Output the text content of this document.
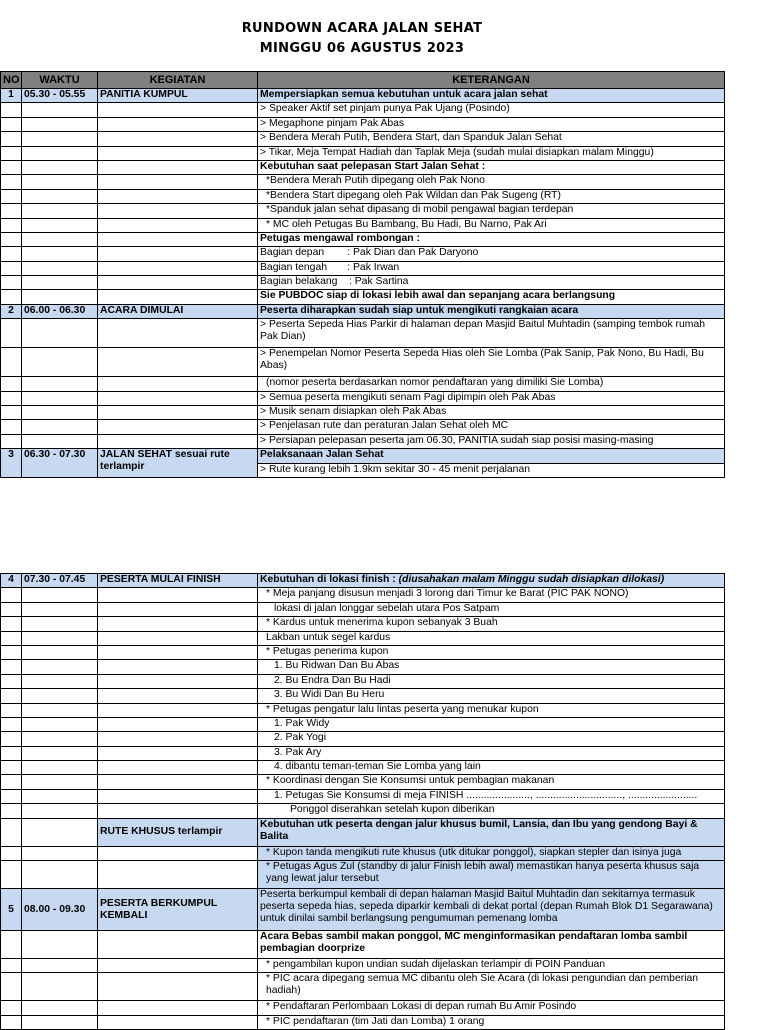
RUNDOWN ACARA JALAN SEHAT
MINGGU 06 AGUSTUS 2023
NO	WAKTU	KEGIATAN	KETERANGAN
1	05.30 - 05.55	PANITIA KUMPUL	Mempersiapkan semua kebutuhan untuk acara jalan sehat
			> Speaker Aktif set pinjam punya Pak Ujang (Posindo)
			> Megaphone pinjam Pak Abas
			> Bendera Merah Putih, Bendera Start, dan Spanduk Jalan Sehat
			> Tikar, Meja Tempat Hadiah dan Taplak Meja (sudah mulai disiapkan malam Minggu)
			Kebutuhan saat pelepasan Start Jalan Sehat :
			*Bendera Merah Putih dipegang oleh Pak Nono
			*Bendera Start dipegang oleh Pak Wildan dan Pak Sugeng (RT)
			*Spanduk jalan sehat dipasang di mobil pengawal bagian terdepan
			* MC oleh Petugas Bu Bambang, Bu Hadi, Bu Narno, Pak Ari
			Petugas mengawal rombongan :
			Bagian depan        : Pak Dian dan Pak Daryono
			Bagian tengah       : Pak Irwan
			Bagian belakang    : Pak Sartina
			Sie PUBDOC siap di lokasi lebih awal dan sepanjang acara berlangsung
2	06.00 - 06.30	ACARA DIMULAI	Peserta diharapkan sudah siap untuk mengikuti rangkaian acara
			> Peserta Sepeda Hias Parkir di halaman depan Masjid Baitul Muhtadin (samping tembok rumah Pak Dian)
			> Penempelan Nomor Peserta Sepeda Hias oleh Sie Lomba (Pak Sanip, Pak Nono, Bu Hadi, Bu Abas)
			(nomor peserta berdasarkan nomor pendaftaran yang dimiliki Sie Lomba)
			> Semua peserta mengikuti senam Pagi dipimpin oleh Pak Abas
			> Musik senam disiapkan oleh Pak Abas
			> Penjelasan rute dan peraturan Jalan Sehat oleh MC
			> Persiapan pelepasan peserta jam 06.30, PANITIA sudah siap posisi masing-masing
3	06.30 - 07.30	JALAN SEHAT sesuai rute terlampir	Pelaksanaan Jalan Sehat
			> Rute kurang lebih 1.9km sekitar 30 - 45 menit perjalanan
4	07.30 - 07.45	PESERTA MULAI FINISH	Kebutuhan di lokasi finish : (diusahakan malam Minggu sudah disiapkan dilokasi)
			* Meja panjang disusun menjadi 3 lorong dari Timur ke Barat (PIC PAK NONO)
			lokasi di jalan longgar sebelah utara Pos Satpam
			* Kardus untuk menerima kupon sebanyak 3 Buah
			Lakban untuk segel kardus
			* Petugas penerima kupon
			1. Bu Ridwan Dan Bu Abas
			2. Bu Endra Dan Bu Hadi
			3. Bu Widi Dan Bu Heru
			* Petugas pengatur lalu lintas peserta yang menukar kupon
			1. Pak Widy
			2. Pak Yogi
			3. Pak Ary
			4. dibantu teman-teman Sie Lomba yang lain
			* Koordinasi dengan Sie Konsumsi untuk pembagian makanan
			1. Petugas Sie Konsumsi di meja FINISH ......................, .............................., ........................
			Ponggol diserahkan setelah kupon diberikan
		RUTE KHUSUS terlampir	Kebutuhan utk peserta dengan jalur khusus bumil, Lansia, dan Ibu yang gendong Bayi & Balita
			* Kupon tanda mengikuti rute khusus (utk ditukar ponggol), siapkan stepler dan isinya juga
			* Petugas Agus Zul (standby di jalur Finish lebih awal) memastikan hanya peserta khusus saja yang lewat jalur tersebut
5	08.00 - 09.30	PESERTA BERKUMPUL KEMBALI	Peserta berkumpul kembali di depan halaman Masjid Baitul Muhtadin dan sekitarnya termasuk peserta sepeda hias, sepeda diparkir kembali di dekat portal (depan Rumah Blok D1 Segarawana) untuk dinilai sambil berlangsung pengumuman pemenang lomba
			Acara Bebas sambil makan ponggol, MC menginformasikan pendaftaran lomba sambil pembagian doorprize
			* pengambilan kupon undian sudah dijelaskan terlampir di POIN Panduan
			* PIC acara dipegang semua MC dibantu oleh Sie Acara (di lokasi pengundian dan pemberian hadiah)
			* Pendaftaran Perlombaan Lokasi di depan rumah Bu Amir Posindo
			* PIC pendaftaran (tim Jati dan Lomba) 1 orang
